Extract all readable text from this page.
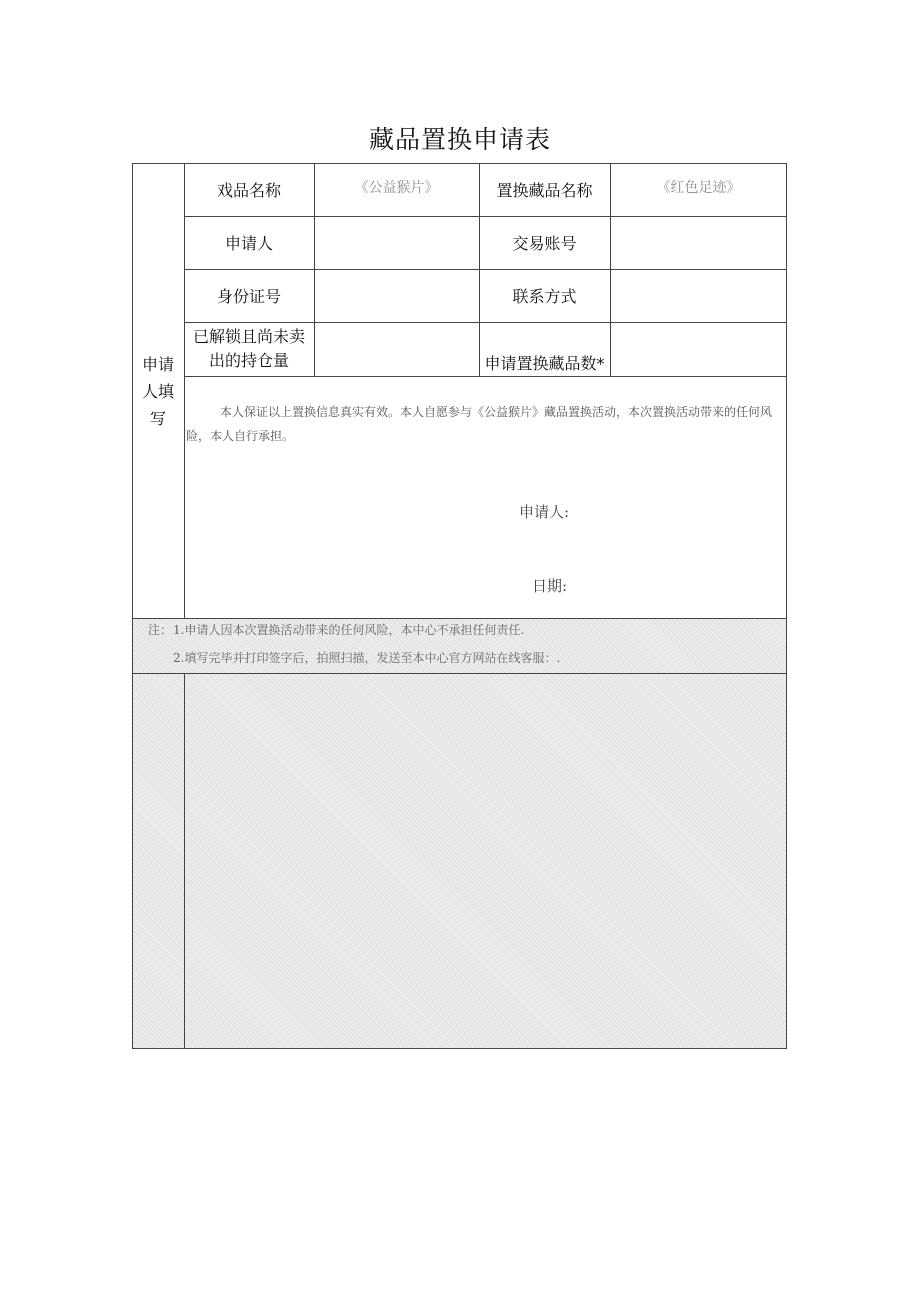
藏品置换申请表
申请人填写
戏品名称	《公益猴片》	置换藏品名称	《红色足迹》
申请人	交易账号
身份证号	联系方式
已解锁且尚未卖出的持仓量	申请置换藏品数*
本人保证以上置换信息真实有效。本人自愿参与《公益猴片》藏品置换活动，本次置换活动带来的任何风险，本人自行承担。
申请人:
日期:
注： 1.申请人因本次置换活动带来的任何风险，本中心不承担任何责任.
2.填写完毕并打印签字后，拍照扫描，发送至本中心官方网站在线客服：.
